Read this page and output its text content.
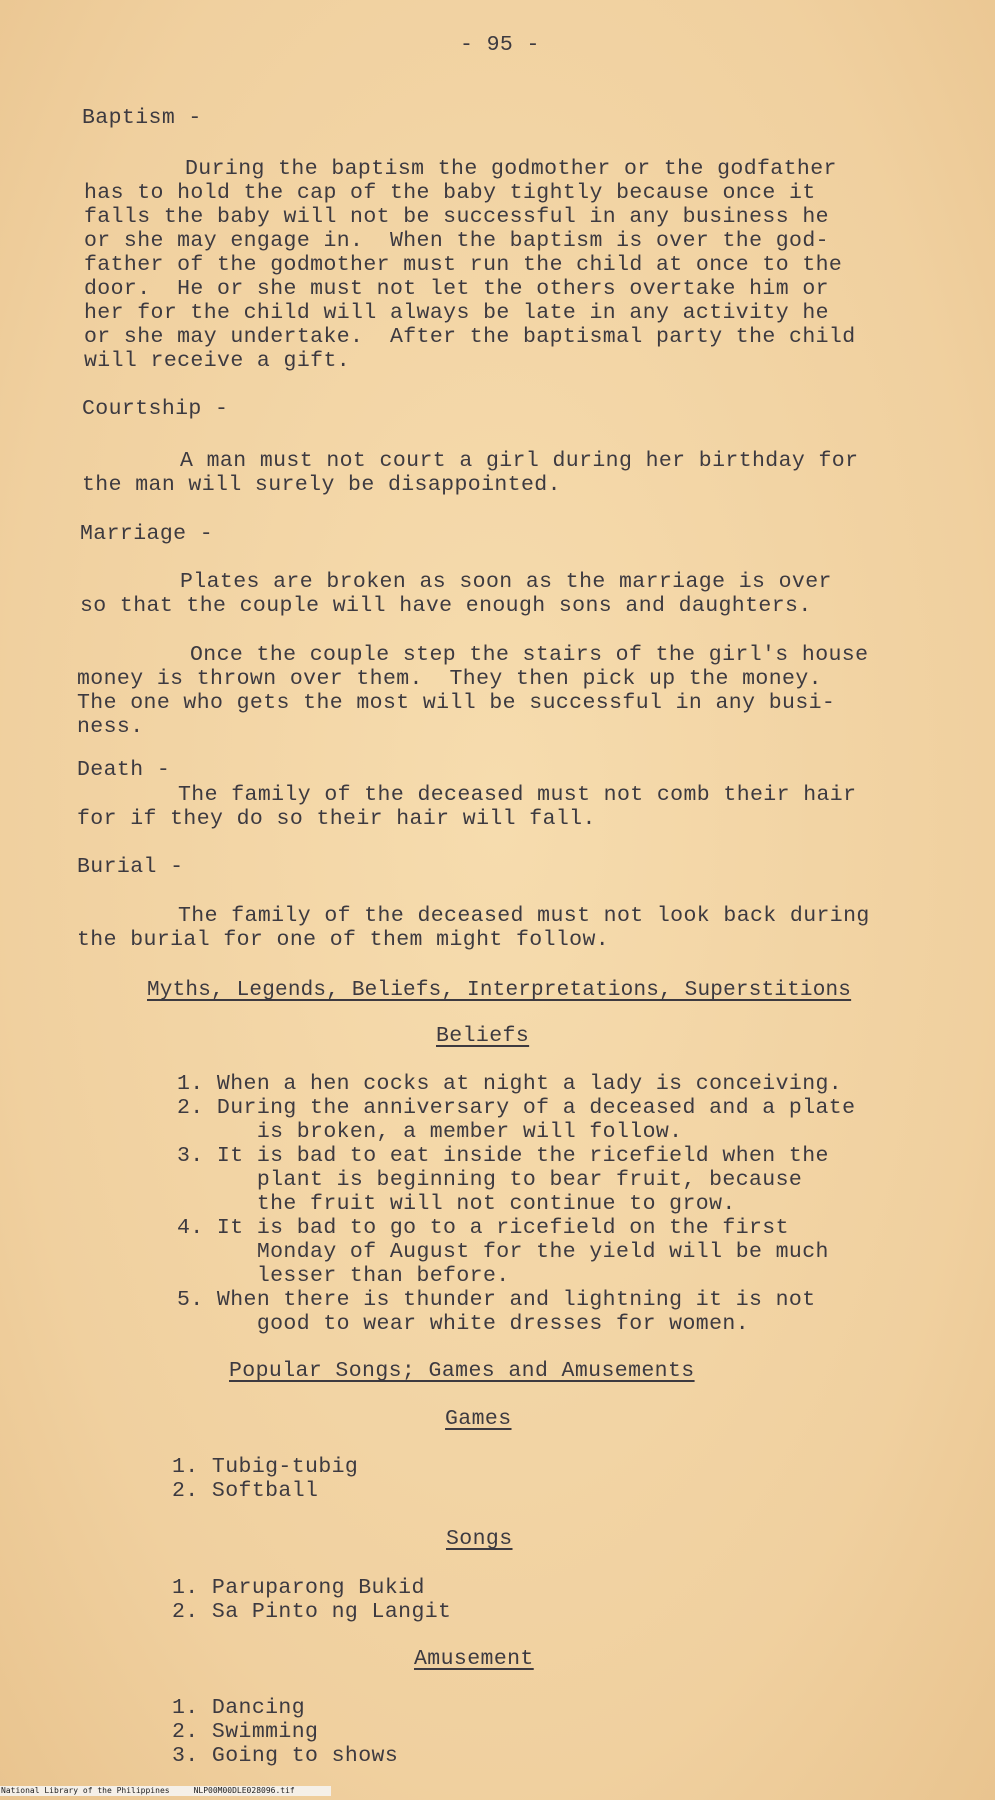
- 95 -
Baptism -
During the baptism the godmother or the godfather
has to hold the cap of the baby tightly because once it
falls the baby will not be successful in any business he
or she may engage in.  When the baptism is over the god-
father of the godmother must run the child at once to the
door.  He or she must not let the others overtake him or
her for the child will always be late in any activity he
or she may undertake.  After the baptismal party the child
will receive a gift.
Courtship -
A man must not court a girl during her birthday for
the man will surely be disappointed.
Marriage -
Plates are broken as soon as the marriage is over
so that the couple will have enough sons and daughters.
Once the couple step the stairs of the girl's house
money is thrown over them.  They then pick up the money.
The one who gets the most will be successful in any busi-
ness.
Death -
The family of the deceased must not comb their hair
for if they do so their hair will fall.
Burial -
The family of the deceased must not look back during
the burial for one of them might follow.
Myths, Legends, Beliefs, Interpretations, Superstitions
Beliefs
1. When a hen cocks at night a lady is conceiving.
2. During the anniversary of a deceased and a plate
is broken, a member will follow.
3. It is bad to eat inside the ricefield when the
plant is beginning to bear fruit, because
the fruit will not continue to grow.
4. It is bad to go to a ricefield on the first
Monday of August for the yield will be much
lesser than before.
5. When there is thunder and lightning it is not
good to wear white dresses for women.
Popular Songs; Games and Amusements
Games
1. Tubig-tubig
2. Softball
Songs
1. Paruparong Bukid
2. Sa Pinto ng Langit
Amusement
1. Dancing
2. Swimming
3. Going to shows
National Library of the Philippines	NLP00M00DLE028096.tif
